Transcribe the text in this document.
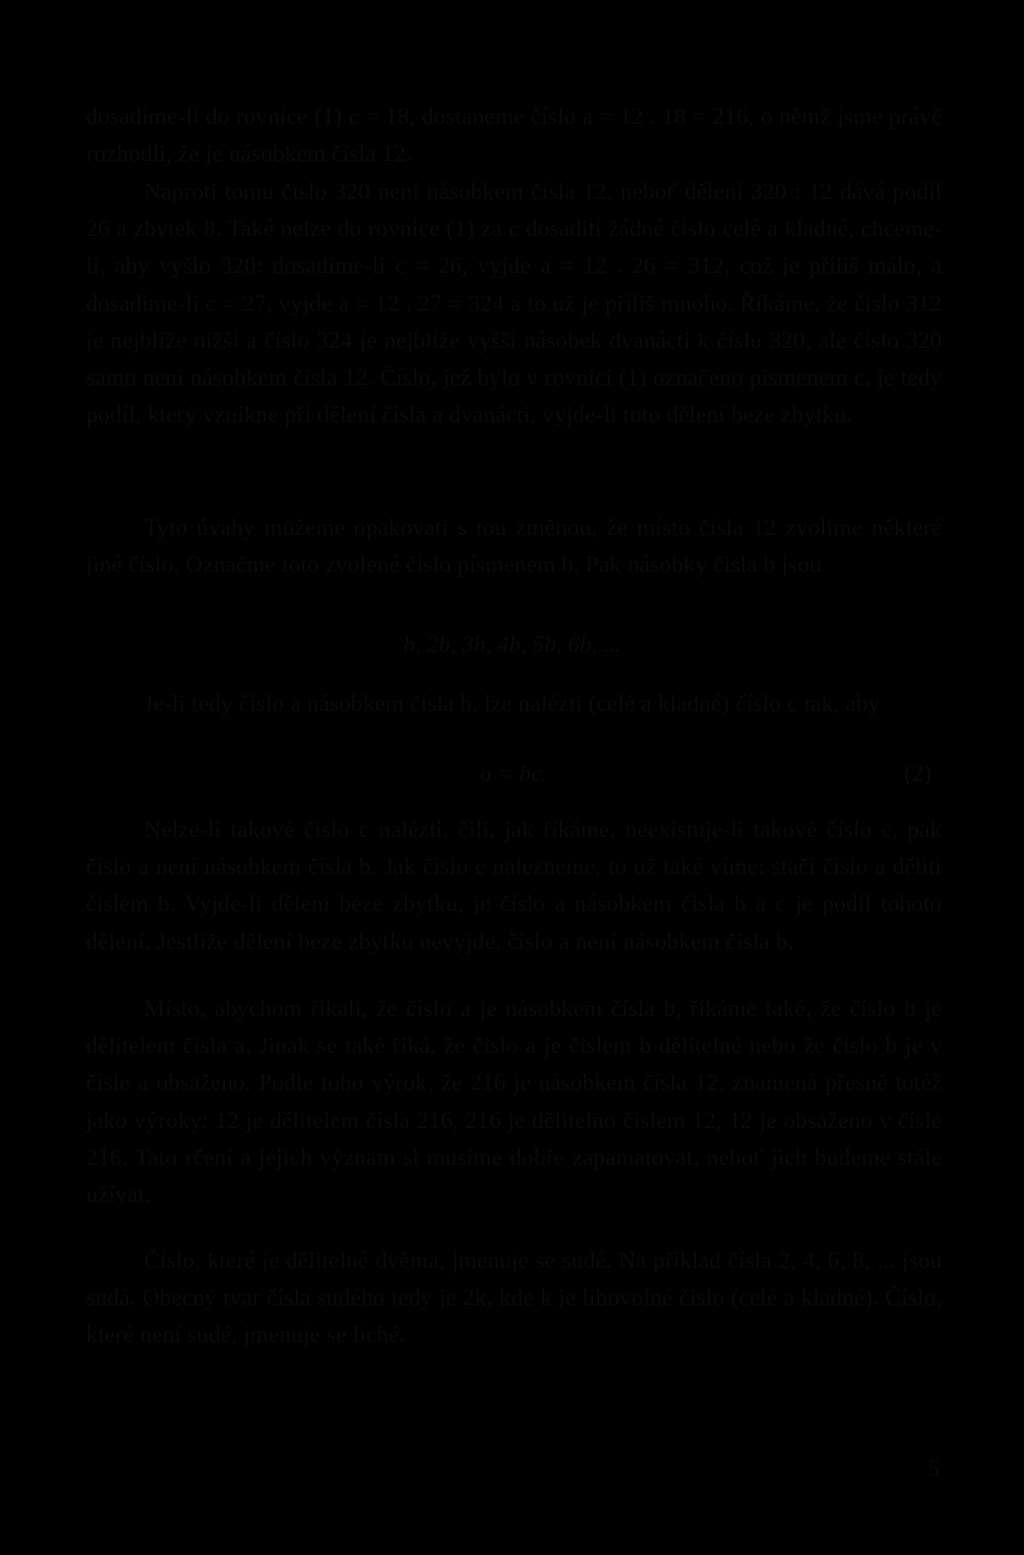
dosadíme-li do rovnice (1) c = 18, dostaneme číslo a = 12 . 18 = 216, o němž jsme právě rozhodli, že je násobkem čísla 12.

Naproti tomu číslo 320 není násobkem čísla 12, neboť dělení 320 : 12 dává podíl 26 a zbytek 8. Také nelze do rovnice (1) za c dosaditi žádné číslo celé a kladné, chceme-li, aby vyšlo 320: dosadíme-li c = 26, vyjde a = 12 . 26 = 312, což je příliš málo, a dosadíme-li c = 27, vyjde a = 12 . 27 = 324 a to už je příliš mnoho. Říkáme, že číslo 312 je nejblíže nižší a číslo 324 je nejblíže vyšší násobek dvanácti k číslu 320, ale číslo 320 samo není násobkem čísla 12. Číslo, jež bylo v rovnici (1) označeno písmenem c, je tedy podíl, který vznikne při dělení čísla a dvanácti, vyjde-li toto dělení beze zbytku.

Tyto úvahy můžeme opakovati s tou změnou, že místo čísla 12 zvolíme některé jiné číslo. Označme toto zvolené číslo písmenem b. Pak násobky čísla b jsou

b, 2b, 3b, 4b, 5b, 6b, ...

Je-li tedy číslo a násobkem čísla b, lze nalézti (celé a kladné) číslo c tak, aby

a = bc.	(2)

Nelze-li takové číslo c nalézti, čili, jak říkáme, neexistuje-li takové číslo c, pak číslo a není násobkem čísla b. Jak číslo c nalezneme, to už také víme: stačí číslo a děliti číslem b. Vyjde-li dělení beze zbytku, je číslo a násobkem čísla b a c je podíl tohoto dělení. Jestliže dělení beze zbytku nevyjde, číslo a není násobkem čísla b.

Místo, abychom říkali, že číslo a je násobkem čísla b, říkáme také, že číslo b je dělitelem čísla a. Jinak se také říká, že číslo a je číslem b dělitelné nebo že číslo b je v čísle a obsaženo. Podle toho výrok, že 216 je násobkem čísla 12, znamená přesně totéž jako výroky: 12 je dělitelem čísla 216, 216 je dělitelno číslem 12, 12 je obsaženo v čísle 216. Tato rčení a jejich význam si musíme dobře zapamatovat, neboť jich budeme stále užívat.

Číslo, které je dělitelné dvěma, jmenuje se sudé. Na příklad čísla 2, 4, 6, 8, ... jsou sudá. Obecný tvar čísla sudého tedy je 2k, kde k je libovolné číslo (celé a kladné). Číslo, které není sudé, jmenuje se liché.

5
